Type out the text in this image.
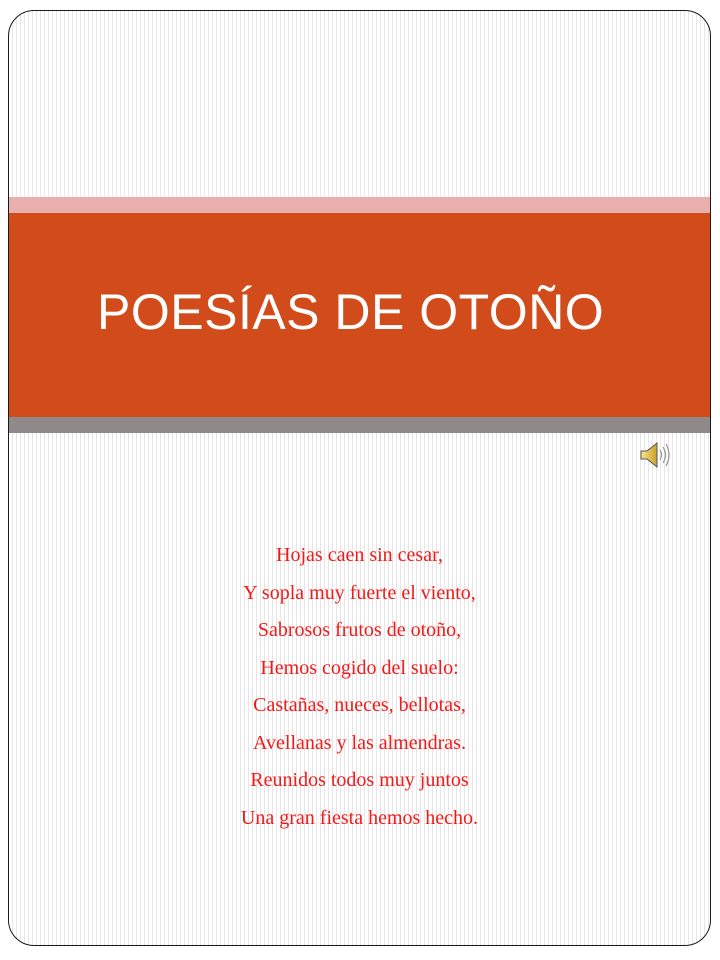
POESÍAS DE OTOÑO
Hojas caen sin cesar,
Y sopla muy fuerte el viento,
Sabrosos frutos de otoño,
Hemos cogido del suelo:
Castañas, nueces, bellotas,
Avellanas y las almendras.
Reunidos todos muy juntos
Una gran fiesta hemos hecho.
